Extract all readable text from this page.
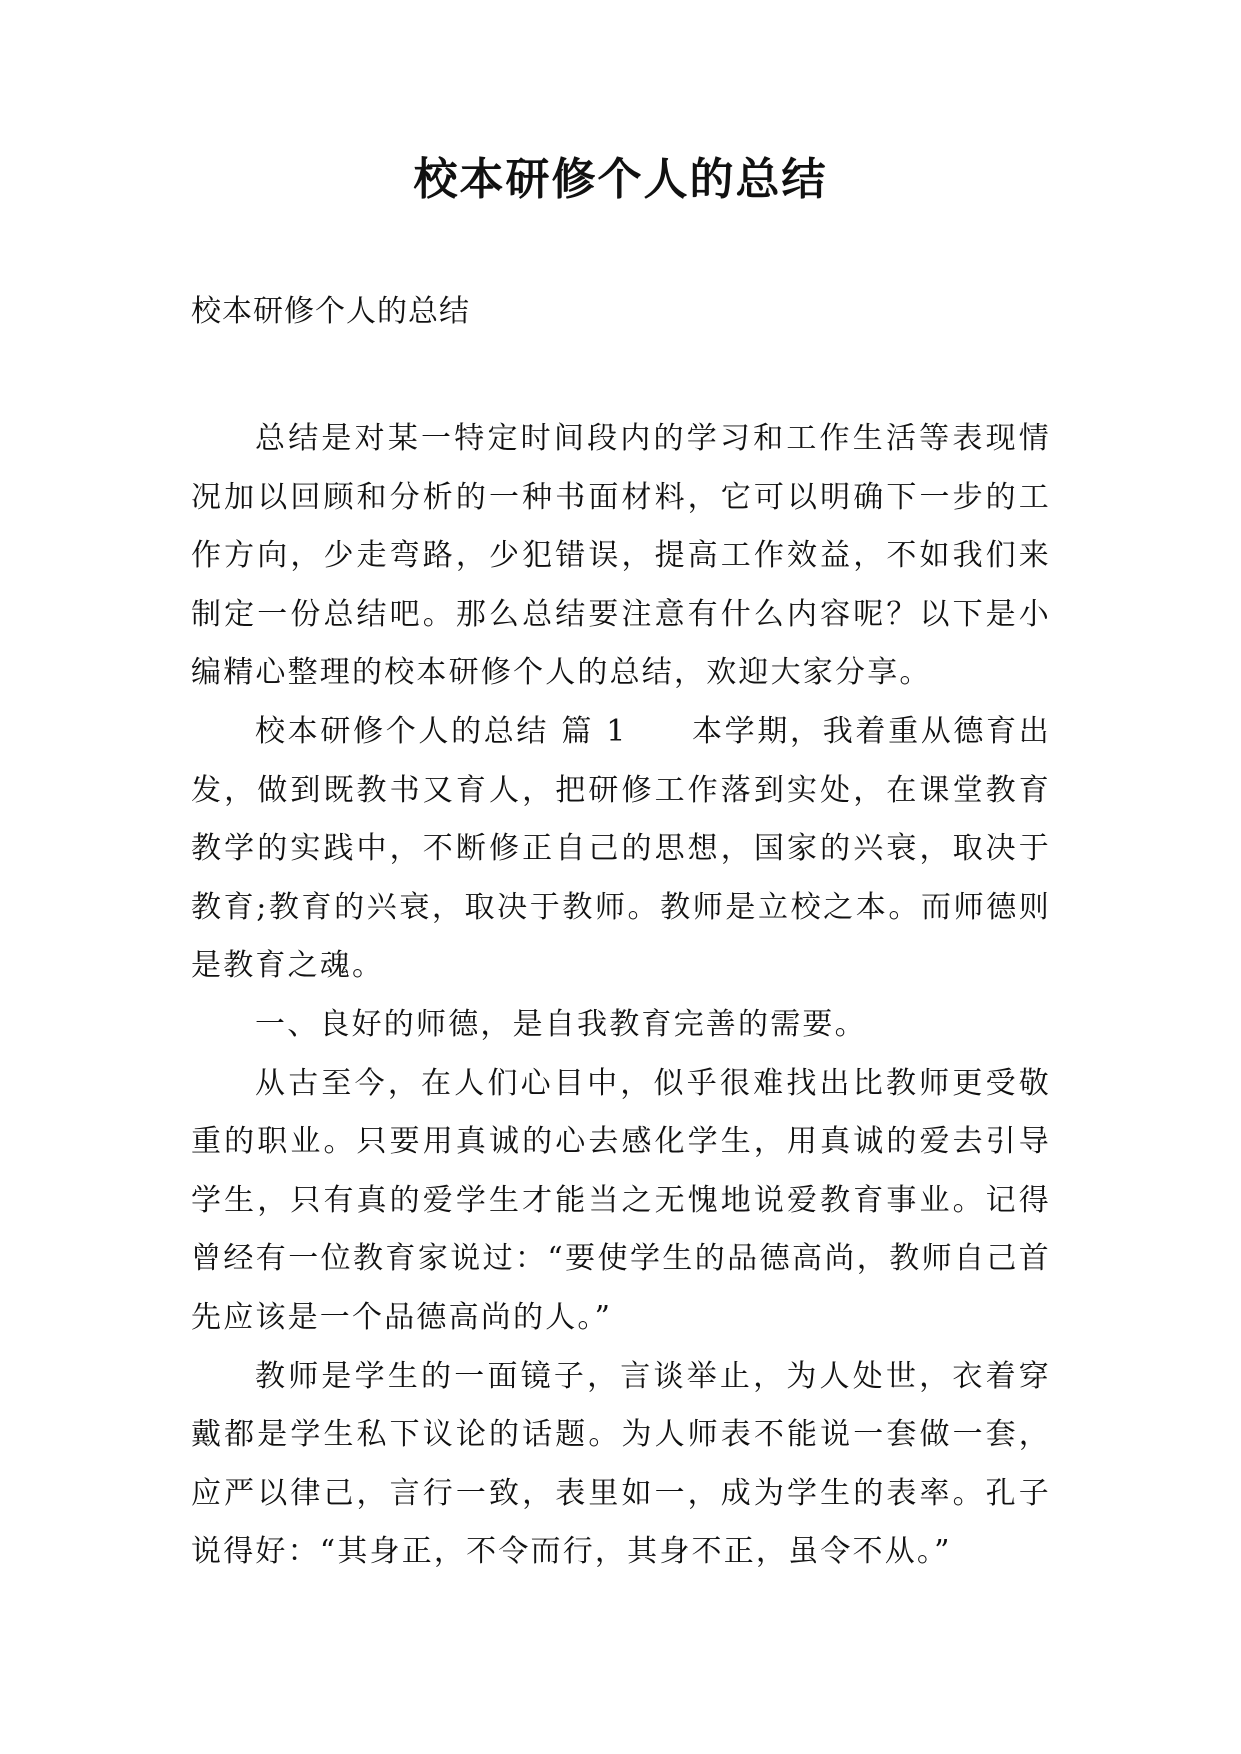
校本研修个人的总结

校本研修个人的总结

总结是对某一特定时间段内的学习和工作生活等表现情况加以回顾和分析的一种书面材料，它可以明确下一步的工作方向，少走弯路，少犯错误，提高工作效益，不如我们来制定一份总结吧。那么总结要注意有什么内容呢？以下是小编精心整理的校本研修个人的总结，欢迎大家分享。

校本研修个人的总结 篇 1 本学期，我着重从德育出发，做到既教书又育人，把研修工作落到实处，在课堂教育教学的实践中，不断修正自己的思想，国家的兴衰，取决于教育;教育的兴衰，取决于教师。教师是立校之本。而师德则是教育之魂。

一、良好的师德，是自我教育完善的需要。

从古至今，在人们心目中，似乎很难找出比教师更受敬重的职业。只要用真诚的心去感化学生，用真诚的爱去引导学生，只有真的爱学生才能当之无愧地说爱教育事业。记得曾经有一位教育家说过：“要使学生的品德高尚，教师自己首先应该是一个品德高尚的人。”

教师是学生的一面镜子，言谈举止，为人处世，衣着穿戴都是学生私下议论的话题。为人师表不能说一套做一套，应严以律己，言行一致，表里如一，成为学生的表率。孔子说得好：“其身正，不令而行，其身不正，虽令不从。”
